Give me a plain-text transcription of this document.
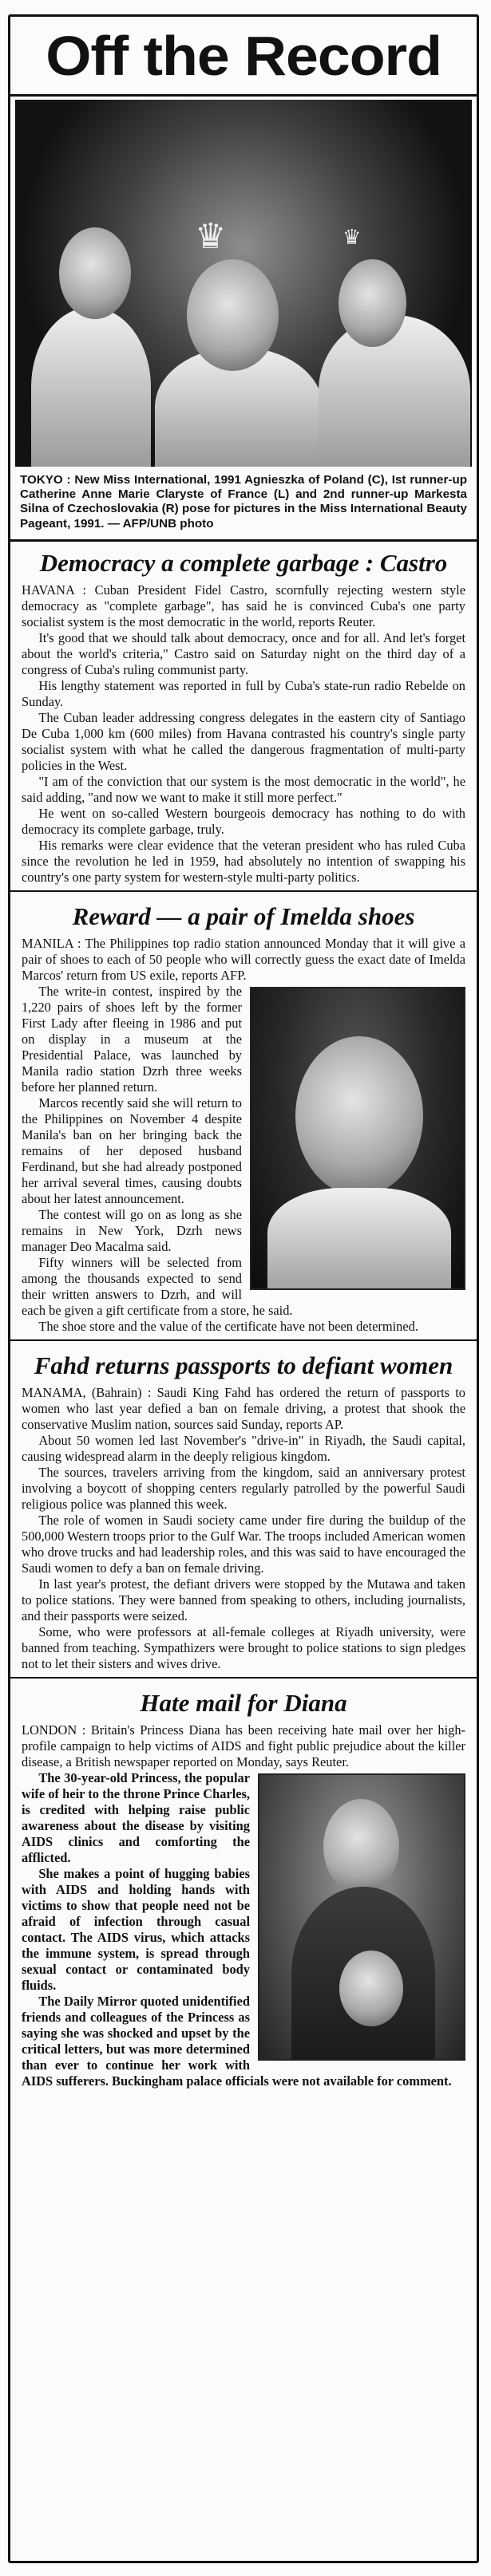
Off the Record
♛	♛

TOKYO : New Miss International, 1991 Agnieszka of Poland (C), Ist runner-up Catherine Anne Marie Claryste of France (L) and 2nd runner-up Markesta Silna of Czechoslovakia (R) pose for pictures in the Miss International Beauty Pageant, 1991. — AFP/UNB photo

Democracy a complete garbage : Castro

HAVANA : Cuban President Fidel Castro, scornfully rejecting western style democracy as "complete garbage", has said he is convinced Cuba's one party socialist system is the most democratic in the world, reports Reuter.

It's good that we should talk about democracy, once and for all. And let's forget about the world's criteria," Castro said on Saturday night on the third day of a congress of Cuba's ruling communist party.

His lengthy statement was reported in full by Cuba's state-run radio Rebelde on Sunday.

The Cuban leader addressing congress delegates in the eastern city of Santiago De Cuba 1,000 km (600 miles) from Havana contrasted his country's single party socialist system with what he called the dangerous fragmentation of multi-party policies in the West.

"I am of the conviction that our system is the most democratic in the world", he said adding, "and now we want to make it still more perfect."

He went on so-called Western bourgeois democracy has nothing to do with democracy its complete garbage, truly.

His remarks were clear evidence that the veteran president who has ruled Cuba since the revolution he led in 1959, had absolutely no intention of swapping his country's one party system for western-style multi-party politics.

Reward — a pair of Imelda shoes

MANILA : The Philippines top radio station announced Monday that it will give a pair of shoes to each of 50 people who will correctly guess the exact date of Imelda Marcos' return from US exile, reports AFP.

The write-in contest, inspired by the 1,220 pairs of shoes left by the former First Lady after fleeing in 1986 and put on display in a museum at the Presidential Palace, was launched by Manila radio station Dzrh three weeks before her planned return.

Marcos recently said she will return to the Philippines on November 4 despite Manila's ban on her bringing back the remains of her deposed husband Ferdinand, but she had already postponed her arrival several times, causing doubts about her latest announcement.

The contest will go on as long as she remains in New York, Dzrh news manager Deo Macalma said.

Fifty winners will be selected from among the thousands expected to send their written answers to Dzrh, and will each be given a gift certificate from a store, he said.

The shoe store and the value of the certificate have not been determined.

Fahd returns passports to defiant women

MANAMA, (Bahrain) : Saudi King Fahd has ordered the return of passports to women who last year defied a ban on female driving, a protest that shook the conservative Muslim nation, sources said Sunday, reports AP.

About 50 women led last November's "drive-in" in Riyadh, the Saudi capital, causing widespread alarm in the deeply religious kingdom.

The sources, travelers arriving from the kingdom, said an anniversary protest involving a boycott of shopping centers regularly patrolled by the powerful Saudi religious police was planned this week.

The role of women in Saudi society came under fire during the buildup of the 500,000 Western troops prior to the Gulf War. The troops included American women who drove trucks and had leadership roles, and this was said to have encouraged the Saudi women to defy a ban on female driving.

In last year's protest, the defiant drivers were stopped by the Mutawa and taken to police stations. They were banned from speaking to others, including journalists, and their passports were seized.

Some, who were professors at all-female colleges at Riyadh university, were banned from teaching. Sympathizers were brought to police stations to sign pledges not to let their sisters and wives drive.

Hate mail for Diana

LONDON : Britain's Princess Diana has been receiving hate mail over her high-profile campaign to help victims of AIDS and fight public prejudice about the killer disease, a British newspaper reported on Monday, says Reuter.

The 30-year-old Princess, the popular wife of heir to the throne Prince Charles, is credited with helping raise public awareness about the disease by visiting AIDS clinics and comforting the afflicted.

She makes a point of hugging babies with AIDS and holding hands with victims to show that people need not be afraid of infection through casual contact. The AIDS virus, which attacks the immune system, is spread through sexual contact or contaminated body fluids.

The Daily Mirror quoted unidentified friends and colleagues of the Princess as saying she was shocked and upset by the critical letters, but was more determined than ever to continue her work with AIDS sufferers. Buckingham palace officials were not available for comment.
